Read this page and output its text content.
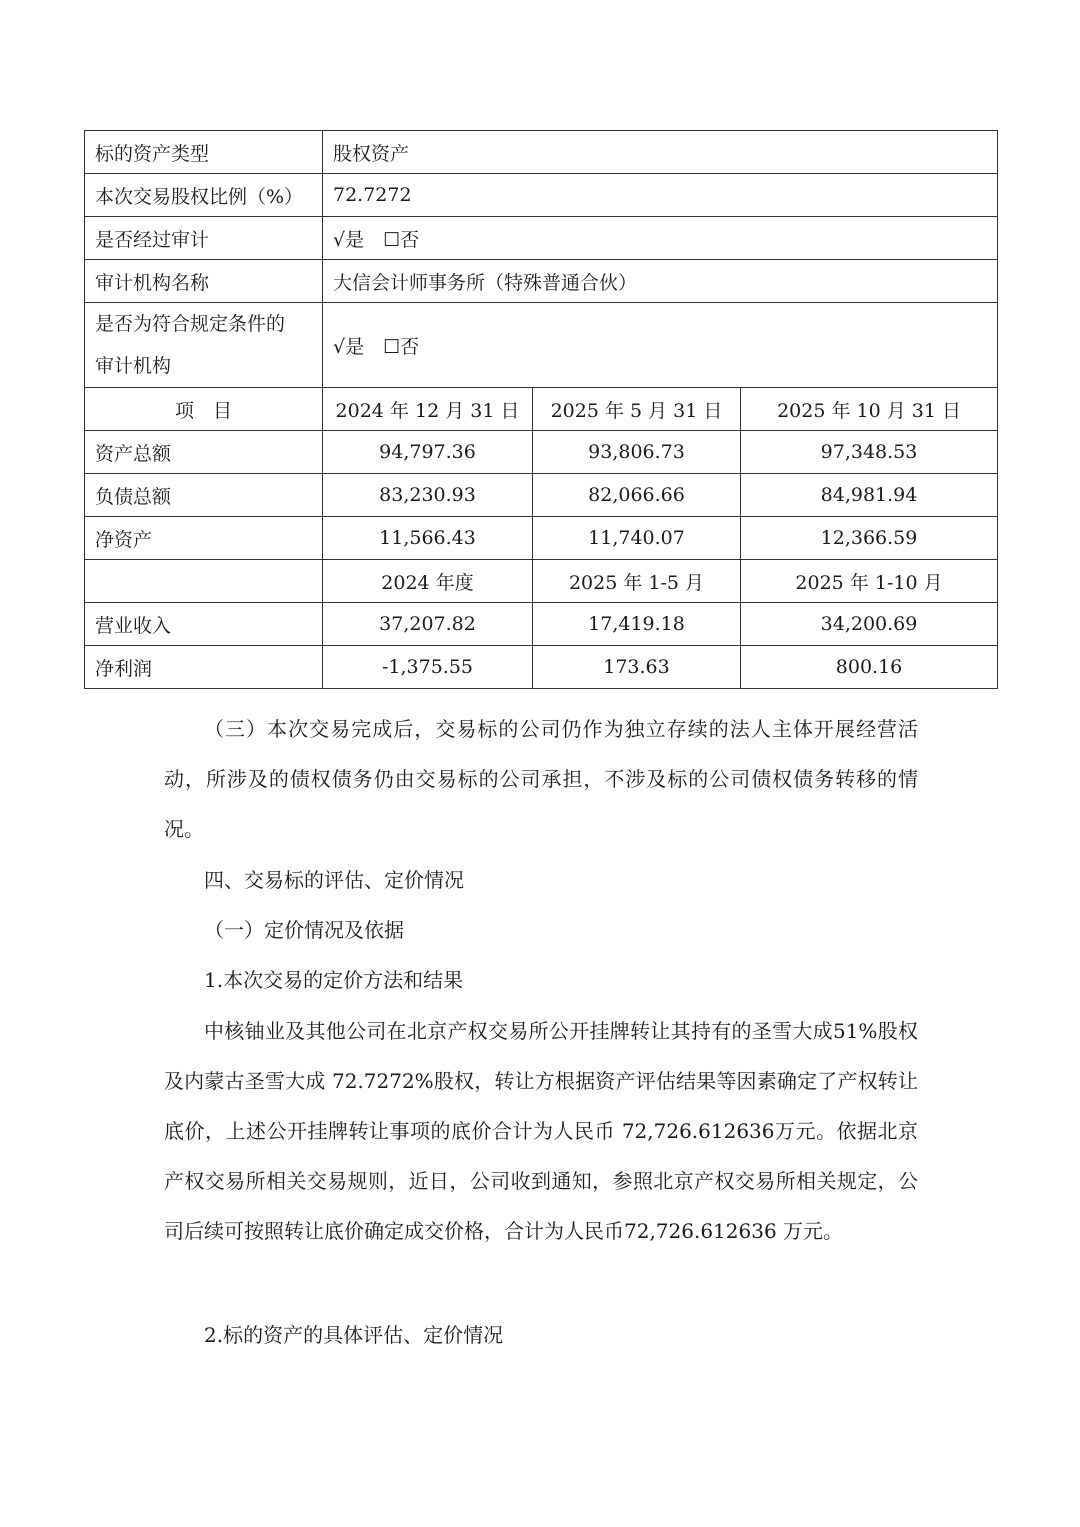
标的资产类型	股权资产		
本次交易股权比例（%）	72.7272		
是否经过审计	√是　☐否		
审计机构名称	大信会计师事务所（特殊普通合伙）		
是否为符合规定条件的
审计机构	√是　☐否		
项　目	2024 年 12 月 31 日	2025 年 5 月 31 日	2025 年 10 月 31 日
资产总额	94,797.36	93,806.73	97,348.53
负债总额	83,230.93	82,066.66	84,981.94
净资产	11,566.43	11,740.07	12,366.59
	2024 年度	2025 年 1-5 月	2025 年 1-10 月
营业收入	37,207.82	17,419.18	34,200.69
净利润	-1,375.55	173.63	800.16

（三）本次交易完成后，交易标的公司仍作为独立存续的法人主体开展经营活动，所涉及的债权债务仍由交易标的公司承担，不涉及标的公司债权债务转移的情况。

四、交易标的评估、定价情况

（一）定价情况及依据

1.本次交易的定价方法和结果

中核铀业及其他公司在北京产权交易所公开挂牌转让其持有的圣雪大成51%股权及内蒙古圣雪大成 72.7272%股权，转让方根据资产评估结果等因素确定了产权转让底价，上述公开挂牌转让事项的底价合计为人民币 72,726.612636万元。依据北京产权交易所相关交易规则，近日，公司收到通知，参照北京产权交易所相关规定，公司后续可按照转让底价确定成交价格，合计为人民币72,726.612636 万元。

2.标的资产的具体评估、定价情况
